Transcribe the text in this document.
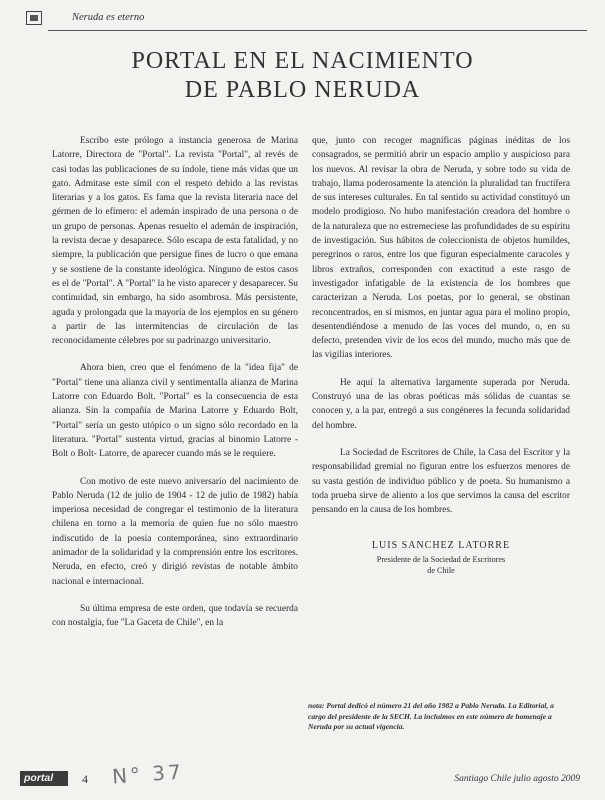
Neruda es eterno
PORTAL EN EL NACIMIENTO
DE PABLO NERUDA

Escribo este prólogo a instancia generosa de Marina Latorre, Directora de "Portal". La revista "Portal", al revés de casi todas las publicaciones de su índole, tiene más vidas que un gato. Admitase este símil con el respeto debido a las revistas literarias y a los gatos. Es fama que la revista literaria nace del gérmen de lo efímero: el ademán inspirado de una persona o de un grupo de personas. Apenas resuelto el ademán de inspiración, la revista decae y desaparece. Sólo escapa de esta fatalidad, y no siempre, la publicación que persigue fines de lucro o que emana y se sostiene de la constante ideológica. Ninguno de estos casos es el de "Portal". A "Portal" la he visto aparecer y desaparecer. Su continuidad, sin embargo, ha sido asombrosa. Más persistente, aguda y prolongada que la mayoría de los ejemplos en su género a partir de las intermitencias de circulación de las reconocidamente célebres por su padrinazgo universitario.

Ahora bien, creo que el fenómeno de la "idea fija" de "Portal" tiene una alianza civil y sentimentalla alianza de Marina Latorre con Eduardo Bolt. "Portal" es la consecuencia de esta alianza. Sin la compañía de Marina Latorre y Eduardo Bolt, "Portal" sería un gesto utópico o un signo sólo recordado en la literatura. "Portal" sustenta virtud, gracias al binomio Latorre - Bolt o Bolt- Latorre, de aparecer cuando más se le requiere.

Con motivo de este nuevo aniversario del nacimiento de Pablo Neruda (12 de julio de 1904 - 12 de julio de 1982) había imperiosa necesidad de congregar el testimonio de la literatura chilena en torno a la memoria de quien fue no sólo maestro indiscutido de la poesía contemporánea, sino extraordinario animador de la solidaridad y la comprensión entre los escritores. Neruda, en efecto, creó y dirigió revistas de notable ámbito nacional e internacional.

Su última empresa de este orden, que todavía se recuerda con nostalgia, fue "La Gaceta de Chile", en la

que, junto con recoger magníficas páginas inéditas de los consagrados, se permitió abrir un espacio amplio y auspicioso para los nuevos. Al revisar la obra de Neruda, y sobre todo su vida de trabajo, llama poderosamente la atención la pluralidad tan fructífera de sus intereses culturales. En tal sentido su actividad constituyó un modelo prodigioso. No hubo manifestación creadora del hombre o de la naturaleza que no estremeciese las profundidades de su espíritu de investigación. Sus hábitos de coleccionista de objetos humildes, peregrinos o raros, entre los que figuran especialmente caracoles y libros extraños, corresponden con exactitud a este rasgo de investigador infatigable de la existencia de los hombres que caracterizan a Neruda. Los poetas, por lo general, se obstinan reconcentrados, en sí mismos, en juntar agua para el molino propio, desentendiéndose a menudo de las voces del mundo, o, en su defecto, pretenden vivir de los ecos del mundo, mucho más que de las vigilias interiores.

He aquí la alternativa largamente superada por Neruda. Construyó una de las obras poéticas más sólidas de cuantas se conocen y, a la par, entregó a sus congéneres la fecunda solidaridad del hombre.

La Sociedad de Escritores de Chile, la Casa del Escritor y la responsabilidad gremial no figuran entre los esfuerzos menores de su vasta gestión de individuo público y de poeta. Su humanismo a toda prueba sirve de aliento a los que servimos la causa del escritor pensando en la causa de los hombres.

LUIS SANCHEZ LATORRE
Presidente de la Sociedad de Escritores
de Chile
nota: Portal dedicó el número 21 del año 1982 a Pablo Neruda. La Editorial, a cargo del presidente de la SECH. La incluimos en este número de homenaje a Neruda por su actual vigencia.
portal	4 N° 37	Santiago Chile julio agosto 2009
